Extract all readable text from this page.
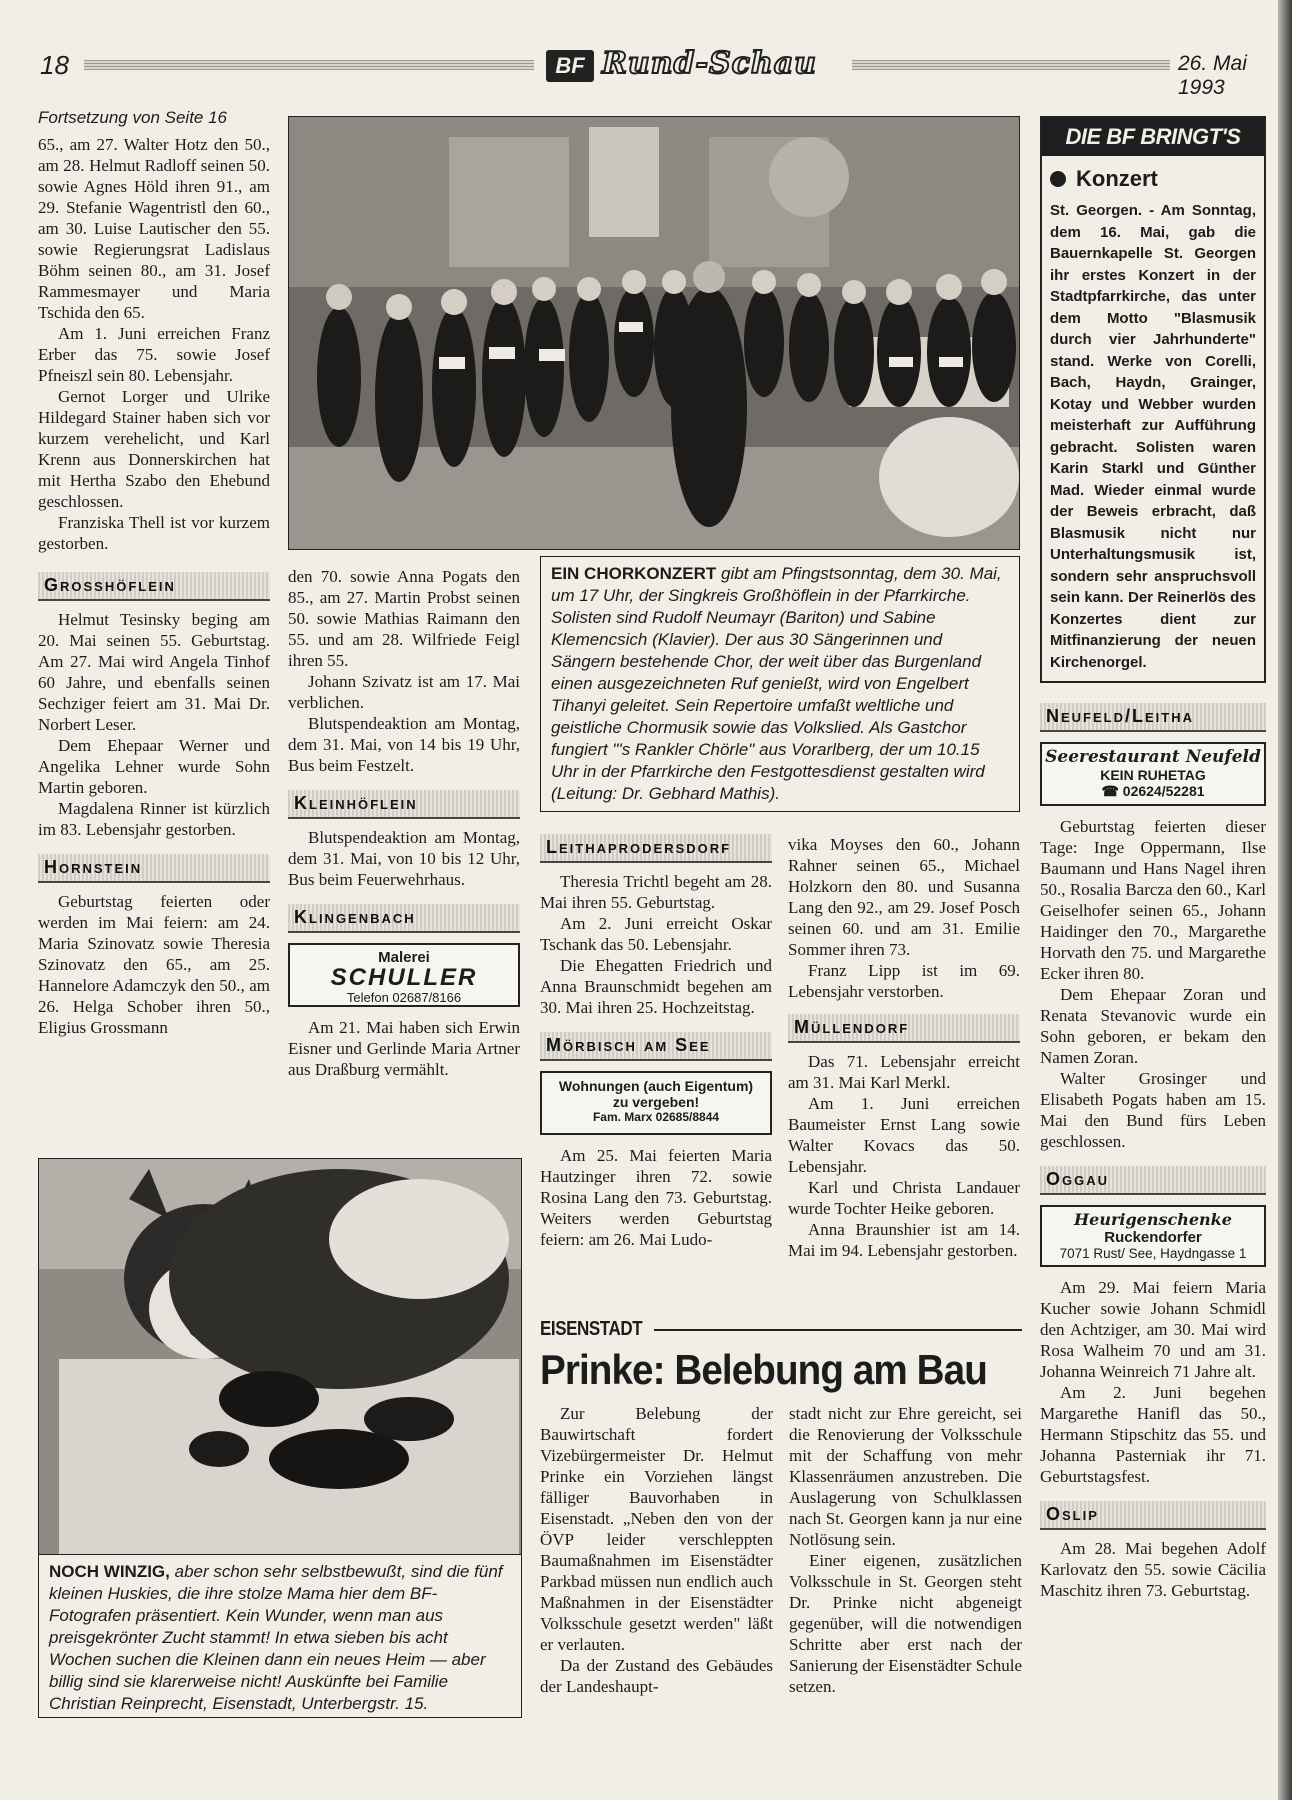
18	BF Rund-Schau	26. Mai 1993
Fortsetzung von Seite 16

65., am 27. Walter Hotz den 50., am 28. Helmut Radloff seinen 50. sowie Agnes Höld ihren 91., am 29. Stefanie Wagentristl den 60., am 30. Luise Lautischer den 55. sowie Regierungsrat Ladislaus Böhm seinen 80., am 31. Josef Rammesmayer und Maria Tschida den 65.

Am 1. Juni erreichen Franz Erber das 75. sowie Josef Pfneiszl sein 80. Lebensjahr.

Gernot Lorger und Ulrike Hildegard Stainer haben sich vor kurzem verehelicht, und Karl Krenn aus Donnerskirchen hat mit Hertha Szabo den Ehebund geschlossen.

Franziska Thell ist vor kurzem gestorben.

Grosshöflein

Helmut Tesinsky beging am 20. Mai seinen 55. Geburtstag. Am 27. Mai wird Angela Tinhof 60 Jahre, und ebenfalls seinen Sechziger feiert am 31. Mai Dr. Norbert Leser.

Dem Ehepaar Werner und Angelika Lehner wurde Sohn Martin geboren.

Magdalena Rinner ist kürzlich im 83. Lebensjahr gestorben.

Hornstein

Geburtstag feierten oder werden im Mai feiern: am 24. Maria Szinovatz sowie Theresia Szinovatz den 65., am 25. Hannelore Adamczyk den 50., am 26. Helga Schober ihren 50., Eligius Grossmann

den 70. sowie Anna Pogats den 85., am 27. Martin Probst seinen 50. sowie Mathias Raimann den 55. und am 28. Wilfriede Feigl ihren 55.

Johann Szivatz ist am 17. Mai verblichen.

Blutspendeaktion am Montag, dem 31. Mai, von 14 bis 19 Uhr, Bus beim Festzelt.

Kleinhöflein

Blutspendeaktion am Montag, dem 31. Mai, von 10 bis 12 Uhr, Bus beim Feuerwehrhaus.

Klingenbach
Malerei
SCHULLER
Telefon 02687/8166

Am 21. Mai haben sich Erwin Eisner und Gerlinde Maria Artner aus Draßburg vermählt.

EIN CHORKONZERT gibt am Pfingstsonntag, dem 30. Mai, um 17 Uhr, der Singkreis Großhöflein in der Pfarrkirche. Solisten sind Rudolf Neumayr (Bariton) und Sabine Klemencsich (Klavier). Der aus 30 Sängerinnen und Sängern bestehende Chor, der weit über das Burgenland einen ausgezeichneten Ruf genießt, wird von Engelbert Tihanyi geleitet. Sein Repertoire umfaßt weltliche und geistliche Chormusik sowie das Volkslied. Als Gastchor fungiert "'s Rankler Chörle" aus Vorarlberg, der um 10.15 Uhr in der Pfarrkirche den Festgottesdienst gestalten wird (Leitung: Dr. Gebhard Mathis).

Leithaprodersdorf

Theresia Trichtl begeht am 28. Mai ihren 55. Geburtstag.

Am 2. Juni erreicht Oskar Tschank das 50. Lebensjahr.

Die Ehegatten Friedrich und Anna Braunschmidt begehen am 30. Mai ihren 25. Hochzeitstag.

Mörbisch am See
Wohnungen (auch Eigentum)
zu vergeben!
Fam. Marx 02685/8844

Am 25. Mai feierten Maria Hautzinger ihren 72. sowie Rosina Lang den 73. Geburtstag. Weiters werden Geburtstag feiern: am 26. Mai Ludo-

vika Moyses den 60., Johann Rahner seinen 65., Michael Holzkorn den 80. und Susanna Lang den 92., am 29. Josef Posch seinen 60. und am 31. Emilie Sommer ihren 73.

Franz Lipp ist im 69. Lebensjahr verstorben.

Müllendorf

Das 71. Lebensjahr erreicht am 31. Mai Karl Merkl.

Am 1. Juni erreichen Baumeister Ernst Lang sowie Walter Kovacs das 50. Lebensjahr.

Karl und Christa Landauer wurde Tochter Heike geboren.

Anna Braunshier ist am 14. Mai im 94. Lebensjahr gestorben.

NOCH WINZIG, aber schon sehr selbstbewußt, sind die fünf kleinen Huskies, die ihre stolze Mama hier dem BF-Fotografen präsentiert. Kein Wunder, wenn man aus preisgekrönter Zucht stammt! In etwa sieben bis acht Wochen suchen die Kleinen dann ein neues Heim — aber billig sind sie klarerweise nicht! Auskünfte bei Familie Christian Reinprecht, Eisenstadt, Unterbergstr. 15.

EISENSTADT
Prinke: Belebung am Bau

Zur Belebung der Bauwirtschaft fordert Vizebürgermeister Dr. Helmut Prinke ein Vorziehen längst fälliger Bauvorhaben in Eisenstadt. „Neben den von der ÖVP leider verschleppten Baumaßnahmen im Eisenstädter Parkbad müssen nun endlich auch Maßnahmen in der Eisenstädter Volksschule gesetzt werden" läßt er verlauten.

Da der Zustand des Gebäudes der Landeshaupt-

stadt nicht zur Ehre gereicht, sei die Renovierung der Volksschule mit der Schaffung von mehr Klassenräumen anzustreben. Die Auslagerung von Schulklassen nach St. Georgen kann ja nur eine Notlösung sein.

Einer eigenen, zusätzlichen Volksschule in St. Georgen steht Dr. Prinke nicht abgeneigt gegenüber, will die notwendigen Schritte aber erst nach der Sanierung der Eisenstädter Schule setzen.

DIE BF BRINGT'S
Konzert

St. Georgen. - Am Sonntag, dem 16. Mai, gab die Bauernkapelle St. Georgen ihr erstes Konzert in der Stadtpfarrkirche, das unter dem Motto "Blasmusik durch vier Jahrhunderte" stand. Werke von Corelli, Bach, Haydn, Grainger, Kotay und Webber wurden meisterhaft zur Aufführung gebracht. Solisten waren Karin Starkl und Günther Mad. Wieder einmal wurde der Beweis erbracht, daß Blasmusik nicht nur Unterhaltungsmusik ist, sondern sehr anspruchsvoll sein kann. Der Reinerlös des Konzertes dient zur Mitfinanzierung der neuen Kirchenorgel.

Neufeld/Leitha
Seerestaurant Neufeld
KEIN RUHETAG
☎ 02624/52281

Geburtstag feierten dieser Tage: Inge Oppermann, Ilse Baumann und Hans Nagel ihren 50., Rosalia Barcza den 60., Karl Geiselhofer seinen 65., Johann Haidinger den 70., Margarethe Horvath den 75. und Margarethe Ecker ihren 80.

Dem Ehepaar Zoran und Renata Stevanovic wurde ein Sohn geboren, er bekam den Namen Zoran.

Walter Grosinger und Elisabeth Pogats haben am 15. Mai den Bund fürs Leben geschlossen.

Oggau
Heurigenschenke
Ruckendorfer
7071 Rust/ See, Haydngasse 1

Am 29. Mai feiern Maria Kucher sowie Johann Schmidl den Achtziger, am 30. Mai wird Rosa Walheim 70 und am 31. Johanna Weinreich 71 Jahre alt.

Am 2. Juni begehen Margarethe Hanifl das 50., Hermann Stipschitz das 55. und Johanna Pasterniak ihr 71. Geburtstagsfest.

Oslip

Am 28. Mai begehen Adolf Karlovatz den 55. sowie Cäcilia Maschitz ihren 73. Geburtstag.
